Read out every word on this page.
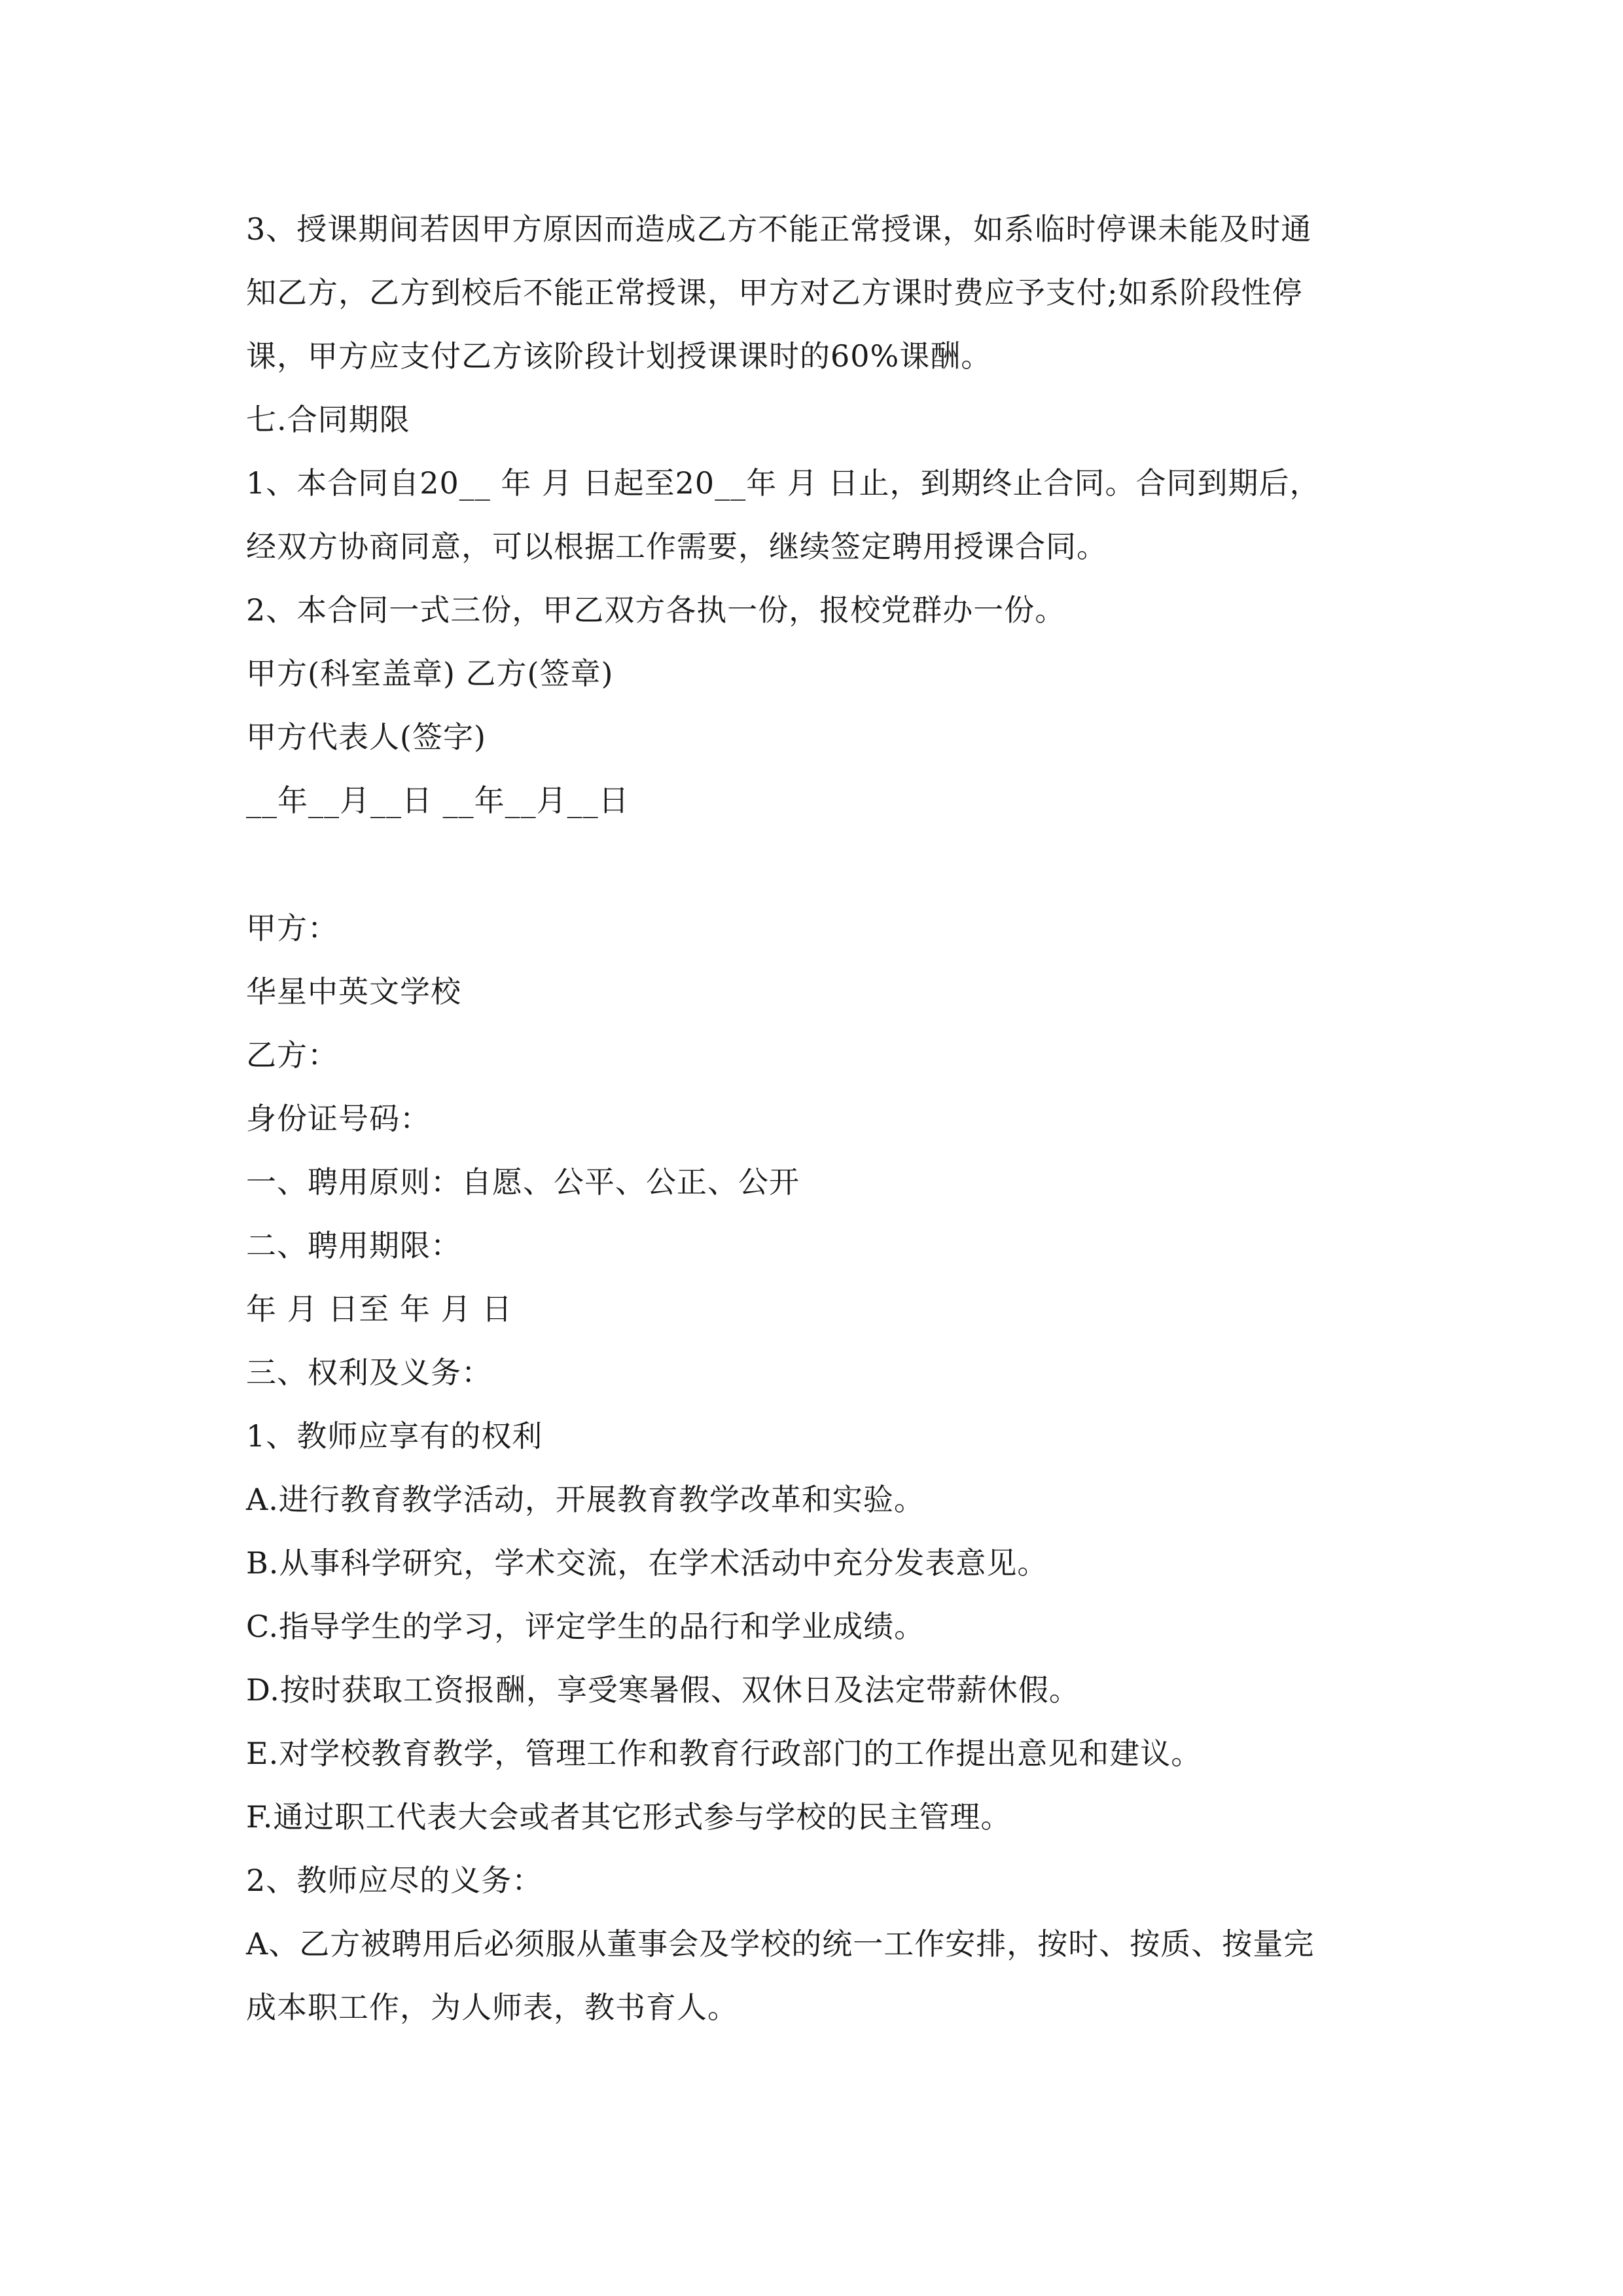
3、授课期间若因甲方原因而造成乙方不能正常授课，如系临时停课未能及时通
知乙方，乙方到校后不能正常授课，甲方对乙方课时费应予支付;如系阶段性停
课，甲方应支付乙方该阶段计划授课课时的60%课酬。
七.合同期限
1、本合同自20__ 年 月 日起至20__年 月 日止，到期终止合同。合同到期后，
经双方协商同意，可以根据工作需要，继续签定聘用授课合同。
2、本合同一式三份，甲乙双方各执一份，报校党群办一份。
甲方(科室盖章) 乙方(签章)
甲方代表人(签字)
__年__月__日 __年__月__日
甲方：
华星中英文学校
乙方：
身份证号码：
一、聘用原则：自愿、公平、公正、公开
二、聘用期限：
年 月 日至 年 月 日
三、权利及义务：
1、教师应享有的权利
A.进行教育教学活动，开展教育教学改革和实验。
B.从事科学研究，学术交流，在学术活动中充分发表意见。
C.指导学生的学习，评定学生的品行和学业成绩。
D.按时获取工资报酬，享受寒暑假、双休日及法定带薪休假。
E.对学校教育教学，管理工作和教育行政部门的工作提出意见和建议。
F.通过职工代表大会或者其它形式参与学校的民主管理。
2、教师应尽的义务：
A、乙方被聘用后必须服从董事会及学校的统一工作安排，按时、按质、按量完
成本职工作，为人师表，教书育人。
